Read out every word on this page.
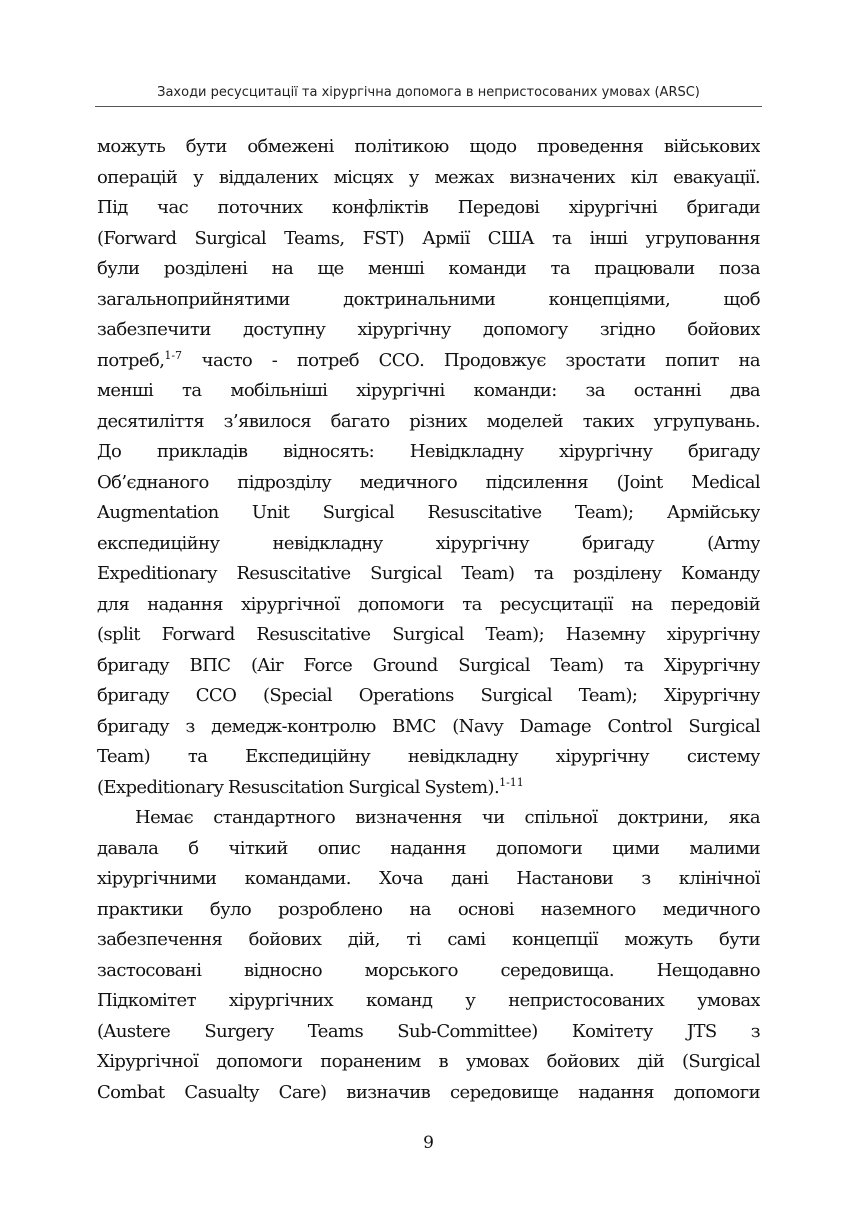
Заходи ресусцитації та хірургічна допомога в непристосованих умовах (ARSC)
можуть бути обмежені політикою щодо проведення військових
операцій у віддалених місцях у межах визначених кіл евакуації.
Під час поточних конфліктів Передові хірургічні бригади
(Forward Surgical Teams, FST) Армії США та інші угруповання
були розділені на ще менші команди та працювали поза
загальноприйнятими доктринальними концепціями, щоб
забезпечити доступну хірургічну допомогу згідно бойових
потреб,$^{1-7}$ часто - потреб ССО. Продовжує зростати попит на
менші та мобільніші хірургічні команди: за останні два
десятиліття з’явилося багато різних моделей таких угрупувань.
До прикладів відносять: Невідкладну хірургічну бригаду
Об’єднаного підрозділу медичного підсилення (Joint Medical
Augmentation Unit Surgical Resuscitative Team); Армійську
експедиційну невідкладну хірургічну бригаду (Army
Expeditionary Resuscitative Surgical Team) та розділену Команду
для надання хірургічної допомоги та ресусцитації на передовій
(split Forward Resuscitative Surgical Team); Наземну хірургічну
бригаду ВПС (Air Force Ground Surgical Team) та Хірургічну
бригаду ССО (Special Operations Surgical Team); Хірургічну
бригаду з демедж-контролю ВМС (Navy Damage Control Surgical
Team) та Експедиційну невідкладну хірургічну систему
(Expeditionary Resuscitation Surgical System).$^{1-11}$
Немає стандартного визначення чи спільної доктрини, яка
давала б чіткий опис надання допомоги цими малими
хірургічними командами. Хоча дані Настанови з клінічної
практики було розроблено на основі наземного медичного
забезпечення бойових дій, ті самі концепції можуть бути
застосовані відносно морського середовища. Нещодавно
Підкомітет хірургічних команд у непристосованих умовах
(Austere Surgery Teams Sub-Committee) Комітету JTS з
Хірургічної допомоги пораненим в умовах бойових дій (Surgical
Combat Casualty Care) визначив середовище надання допомоги
9
